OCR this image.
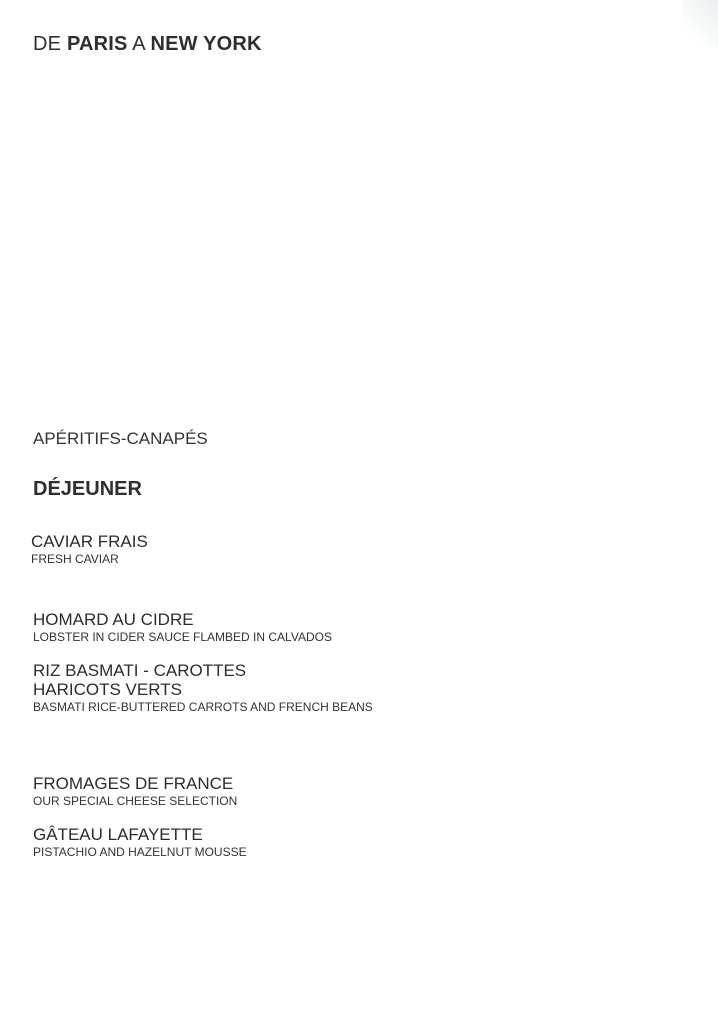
DE PARIS A NEW YORK
APÉRITIFS-CANAPÉS
DÉJEUNER
CAVIAR FRAIS
FRESH CAVIAR
HOMARD AU CIDRE
LOBSTER IN CIDER SAUCE FLAMBED IN CALVADOS
RIZ BASMATI - CAROTTES
HARICOTS VERTS
BASMATI RICE-BUTTERED CARROTS AND FRENCH BEANS
FROMAGES DE FRANCE
OUR SPECIAL CHEESE SELECTION
GÂTEAU LAFAYETTE
PISTACHIO AND HAZELNUT MOUSSE
